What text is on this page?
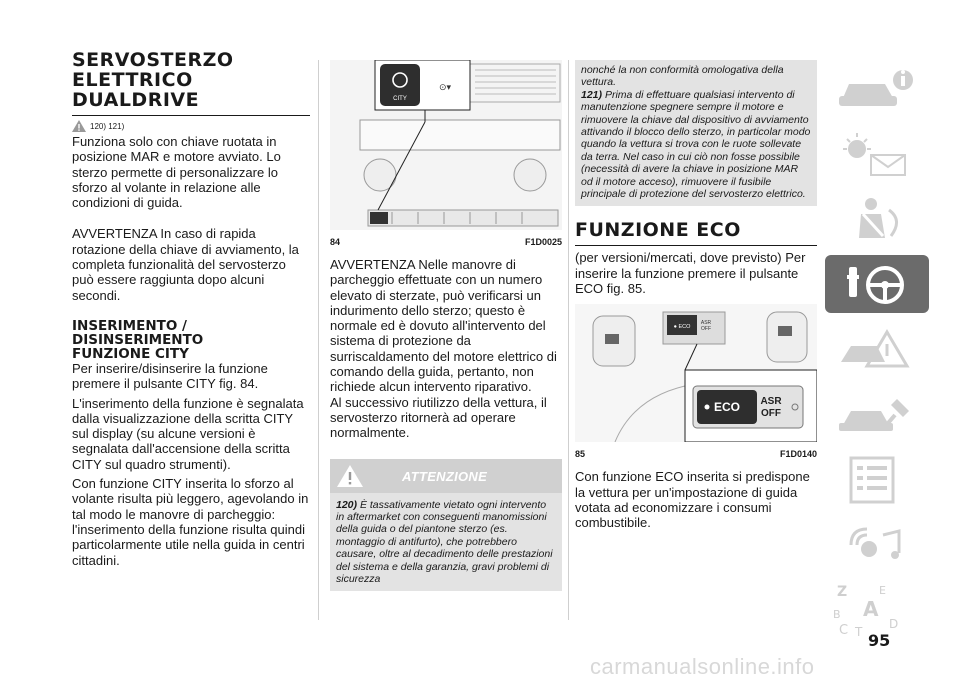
SERVOSTERZO
ELETTRICO
DUALDRIVE
120) 121)

Funziona solo con chiave ruotata in posizione MAR e motore avviato. Lo sterzo permette di personalizzare lo sforzo al volante in relazione alle condizioni di guida.

AVVERTENZA In caso di rapida rotazione della chiave di avviamento, la completa funzionalità del servosterzo può essere raggiunta dopo alcuni secondi.

INSERIMENTO /
DISINSERIMENTO
FUNZIONE CITY

Per inserire/disinserire la funzione premere il pulsante CITY fig. 84.

L'inserimento della funzione è segnalata dalla visualizzazione della scritta CITY sul display (su alcune versioni è segnalata dall'accensione della scritta CITY sul quadro strumenti).

Con funzione CITY inserita lo sforzo al volante risulta più leggero, agevolando in tal modo le manovre di parcheggio: l'inserimento della funzione risulta quindi particolarmente utile nella guida in centri cittadini.

CITY
⊙▾
84	F1D0025

AVVERTENZA Nelle manovre di parcheggio effettuate con un numero elevato di sterzate, può verificarsi un indurimento dello sterzo; questo è normale ed è dovuto all'intervento del sistema di protezione da surriscaldamento del motore elettrico di comando della guida, pertanto, non richiede alcun intervento riparativo.

Al successivo riutilizzo della vettura, il servosterzo ritornerà ad operare normalmente.

ATTENZIONE

120) È tassativamente vietato ogni intervento in aftermarket con conseguenti manomissioni della guida o del piantone sterzo (es. montaggio di antifurto), che potrebbero causare, oltre al decadimento delle prestazioni del sistema e della garanzia, gravi problemi di sicurezza

nonché la non conformità omologativa della vettura.

121) Prima di effettuare qualsiasi intervento di manutenzione spegnere sempre il motore e rimuovere la chiave dal dispositivo di avviamento attivando il blocco dello sterzo, in particolar modo quando la vettura si trova con le ruote sollevate da terra. Nel caso in cui ciò non fosse possibile (necessità di avere la chiave in posizione MAR od il motore acceso), rimuovere il fusibile principale di protezione del servosterzo elettrico.

FUNZIONE ECO

(per versioni/mercati, dove previsto) Per inserire la funzione premere il pulsante ECO fig. 85.

● ECO
ASR
OFF
ECO ASR
OFF
85	F1D0140

Con funzione ECO inserita si predispone la vettura per un'impostazione di guida votata ad economizzare i consumi combustibile.

Z	E
B A
C T
D
95
carmanualsonline.info
